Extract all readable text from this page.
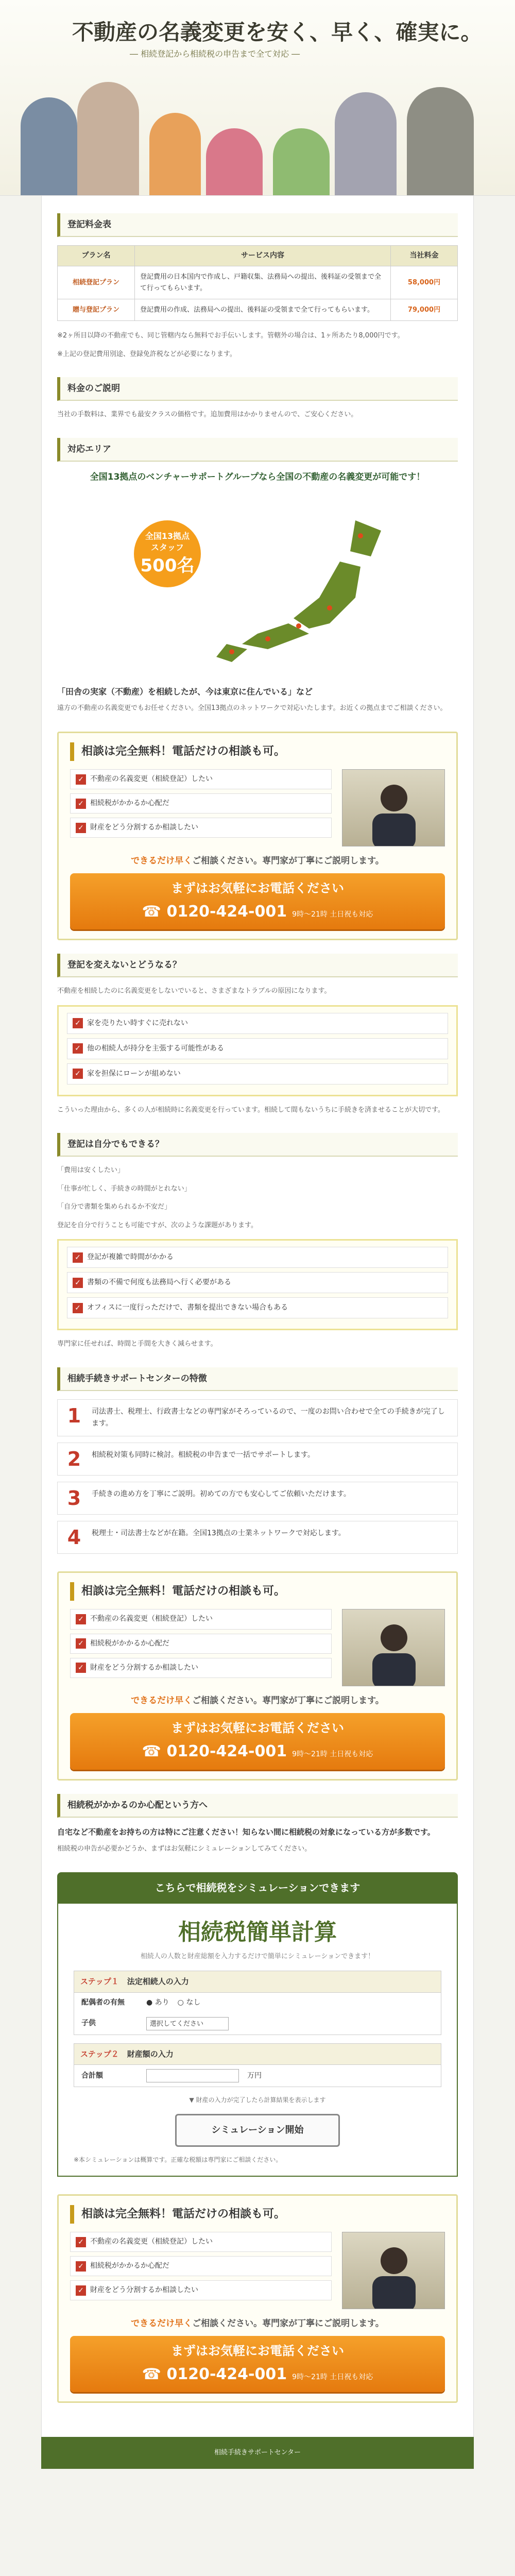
不動産の名義変更を安く、早く、確実に。
― 相続登記から相続税の申告まで全て対応 ―
登記料金表
プラン名	サービス内容	当社料金
相続登記プラン	登記費用の日本国内で作成し、戸籍収集、法務局への提出、後料証の受領まで全て行ってもらいます。	58,000円
贈与登記プラン	登記費用の作成、法務局への提出、後料証の受領まで全て行ってもらいます。	79,000円

※2ヶ所目以降の不動産でも、同じ管轄内なら無料でお手伝いします。管轄外の場合は、1ヶ所あたり8,000円です。

※上記の登記費用別途、登録免許税などが必要になります。

料金のご説明

当社の手数料は、業界でも最安クラスの価格です。追加費用はかかりませんので、ご安心ください。

対応エリア
全国13拠点のベンチャーサポートグループなら全国の不動産の名義変更が可能です！
全国13拠点
スタッフ
500名

「田舎の実家（不動産）を相続したが、今は東京に住んでいる」など

遠方の不動産の名義変更でもお任せください。全国13拠点のネットワークで対応いたします。お近くの拠点までご相談ください。

相談は完全無料！電話だけの相談も可。
✓ 不動産の名義変更（相続登記）したい
✓ 相続税がかかるか心配だ
✓ 財産をどう分割するか相談したい
できるだけ早くご相談ください。専門家が丁寧にご説明します。
まずはお気軽にお電話ください
☎ 0120-424-001 9時〜21時 土日祝も対応
登記を変えないとどうなる？

不動産を相続したのに名義変更をしないでいると、さまざまなトラブルの原因になります。

✓ 家を売りたい時すぐに売れない
✓ 他の相続人が持分を主張する可能性がある
✓ 家を担保にローンが組めない

こういった理由から、多くの人が相続時に名義変更を行っています。相続して間もないうちに手続きを済ませることが大切です。

登記は自分でもできる？

「費用は安くしたい」

「仕事が忙しく、手続きの時間がとれない」

「自分で書類を集められるか不安だ」

登記を自分で行うことも可能ですが、次のような課題があります。

✓ 登記が複雑で時間がかかる
✓ 書類の不備で何度も法務局へ行く必要がある
✓ オフィスに一度行っただけで、書類を提出できない場合もある

専門家に任せれば、時間と手間を大きく減らせます。

相続手続きサポートセンターの特徴
1	司法書士、税理士、行政書士などの専門家がそろっているので、一度のお問い合わせで全ての手続きが完了します。
2	相続税対策も同時に検討。相続税の申告まで一括でサポートします。
3	手続きの進め方を丁寧にご説明。初めての方でも安心してご依頼いただけます。
4	税理士・司法書士などが在籍。全国13拠点の士業ネットワークで対応します。
相談は完全無料！電話だけの相談も可。
✓ 不動産の名義変更（相続登記）したい
✓ 相続税がかかるか心配だ
✓ 財産をどう分割するか相談したい
できるだけ早くご相談ください。専門家が丁寧にご説明します。
まずはお気軽にお電話ください
☎ 0120-424-001 9時〜21時 土日祝も対応
相続税がかかるのか心配という方へ

自宅など不動産をお持ちの方は特にご注意ください！知らない間に相続税の対象になっている方が多数です。

相続税の申告が必要かどうか、まずはお気軽にシミュレーションしてみてください。

こちらで相続税をシミュレーションできます
相続税簡単計算
相続人の人数と財産総額を入力するだけで簡単にシミュレーションできます！
ステップ１ 法定相続人の入力
配偶者の有無	● あり ○ なし
子供	選択してください
ステップ２ 財産額の入力
合計額	万円
▼ 財産の入力が完了したら計算結果を表示します
シミュレーション開始

※本シミュレーションは概算です。正確な税額は専門家にご相談ください。

相談は完全無料！電話だけの相談も可。
✓ 不動産の名義変更（相続登記）したい
✓ 相続税がかかるか心配だ
✓ 財産をどう分割するか相談したい
できるだけ早くご相談ください。専門家が丁寧にご説明します。
まずはお気軽にお電話ください
☎ 0120-424-001 9時〜21時 土日祝も対応
相続手続きサポートセンター
